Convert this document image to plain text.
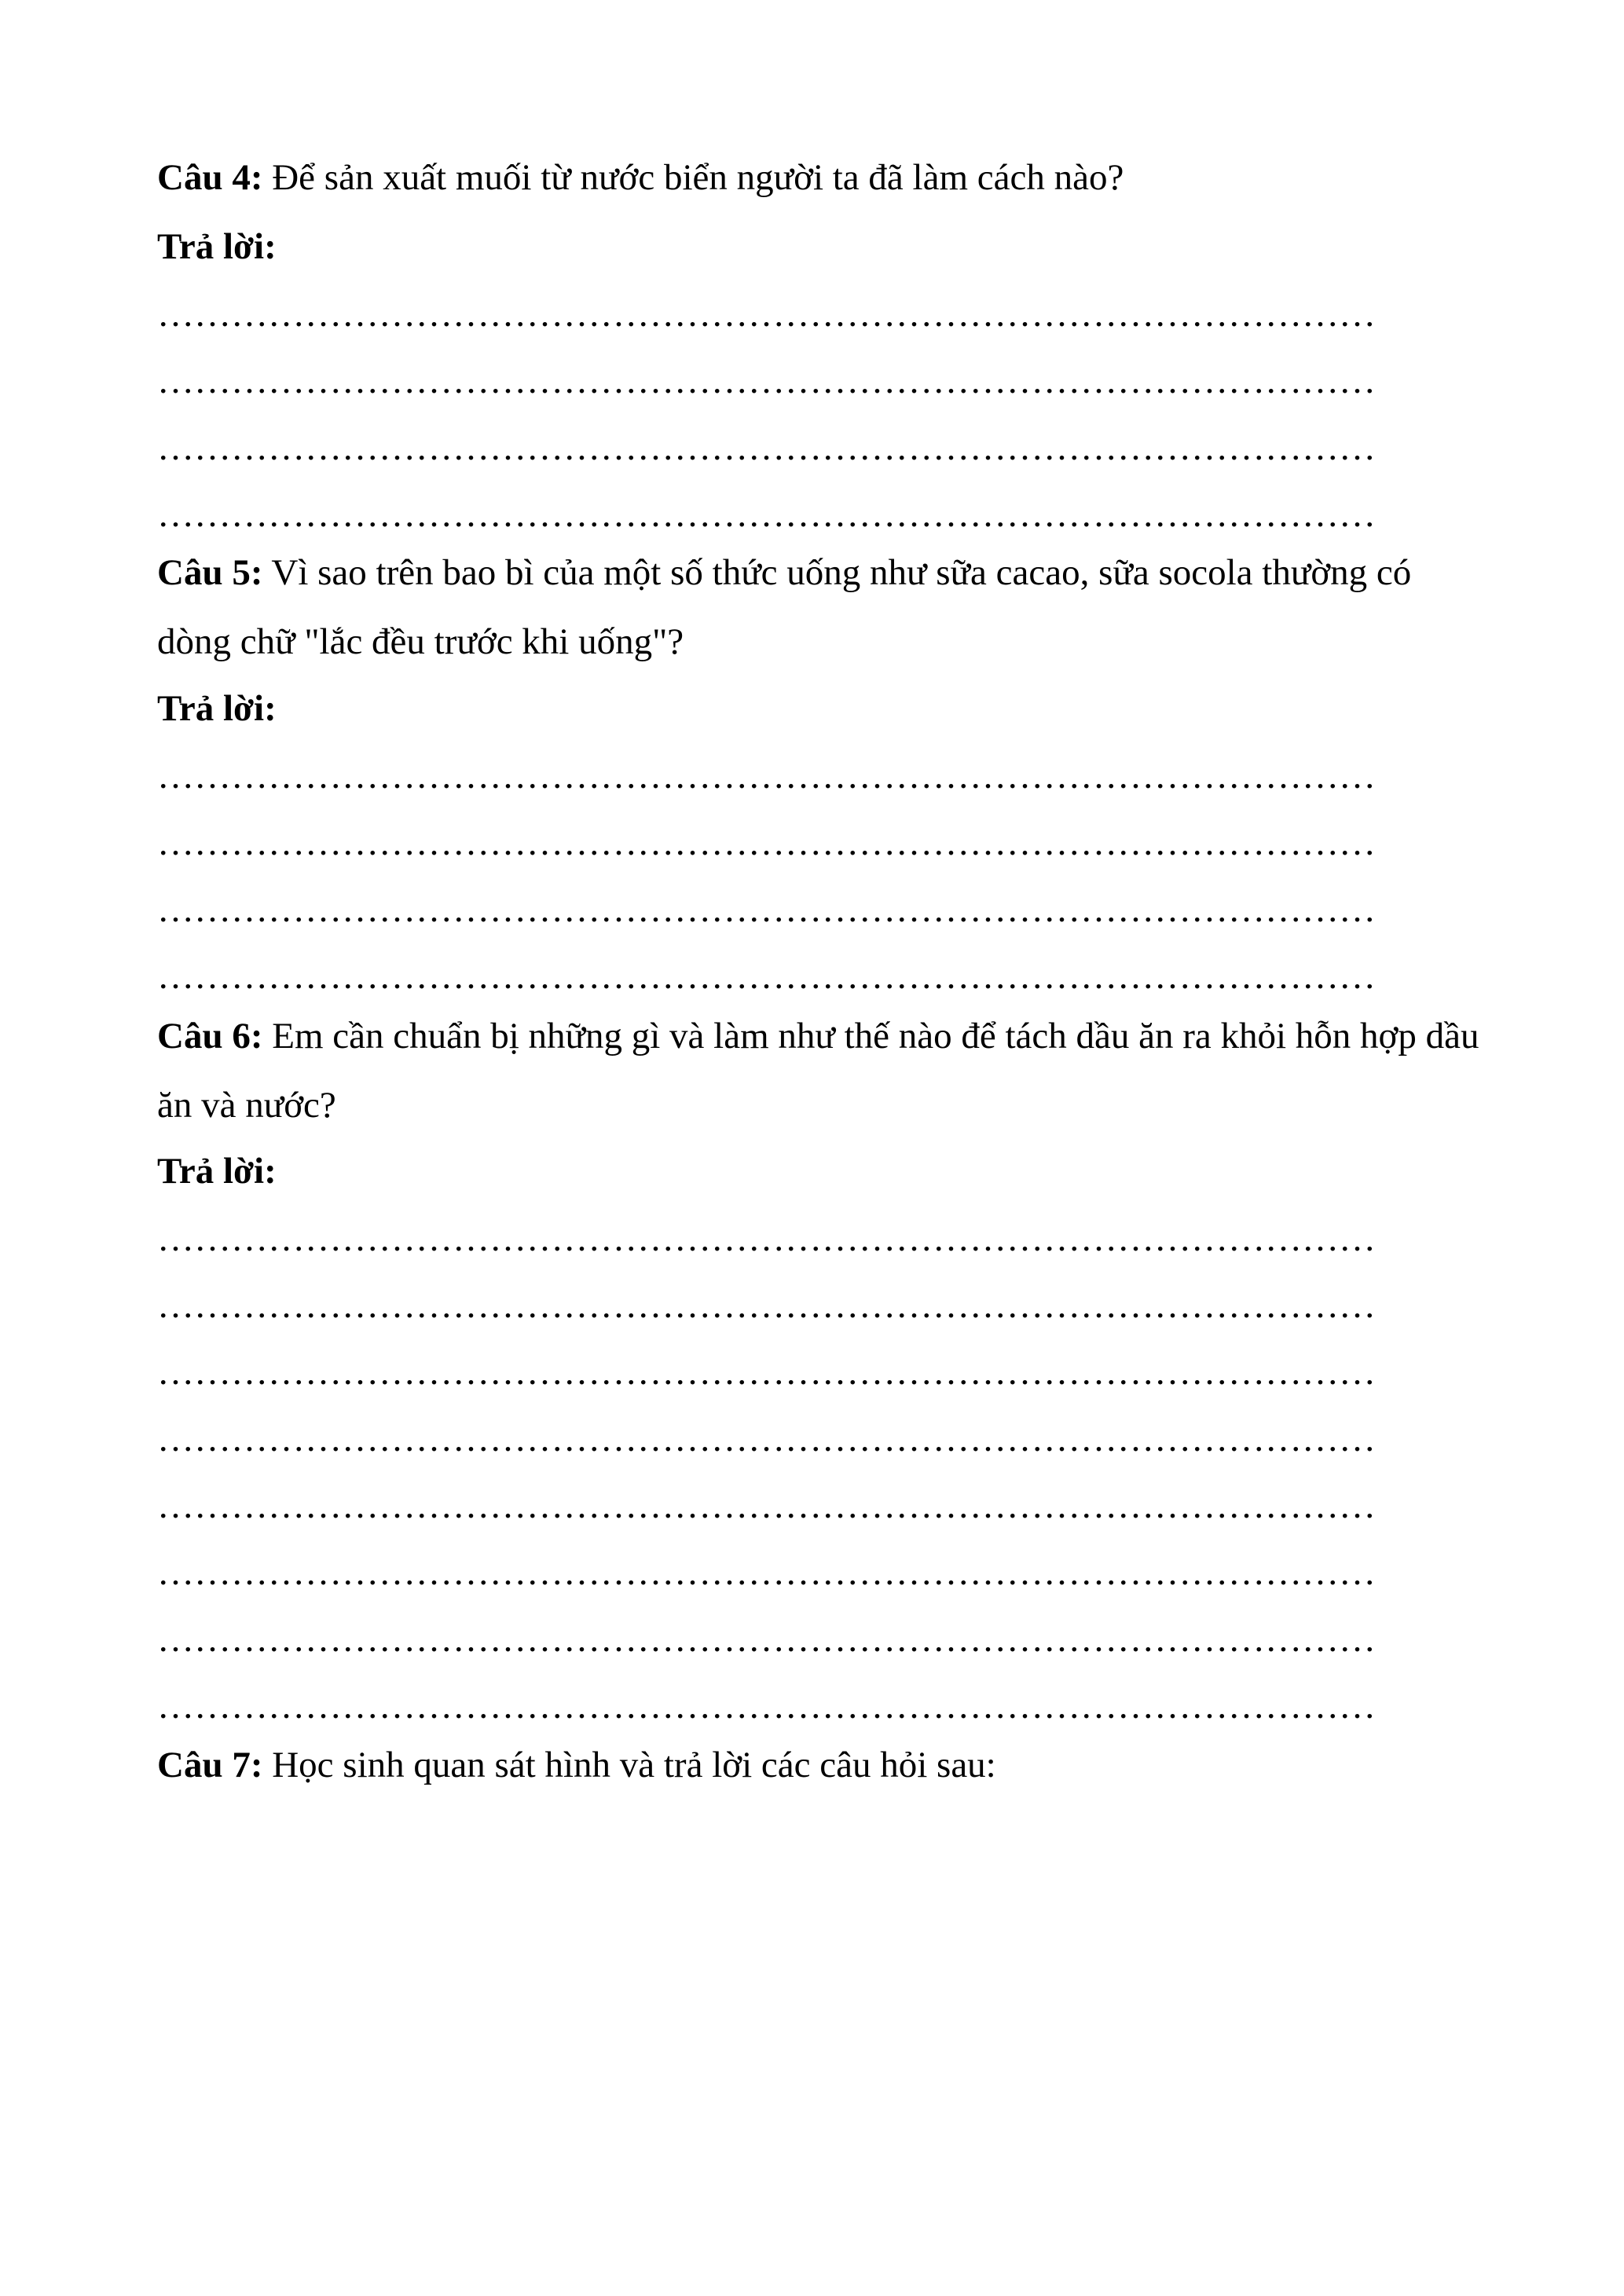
Câu 4: Để sản xuất muối từ nước biển người ta đã làm cách nào?
Trả lời:
………………………………………………………………………………………
………………………………………………………………………………………
………………………………………………………………………………………
………………………………………………………………………………………
Câu 5: Vì sao trên bao bì của một số thức uống như sữa cacao, sữa socola thường có dòng chữ "lắc đều trước khi uống"?
Trả lời:
………………………………………………………………………………………
………………………………………………………………………………………
………………………………………………………………………………………
………………………………………………………………………………………
Câu 6: Em cần chuẩn bị những gì và làm như thế nào để tách dầu ăn ra khỏi hỗn hợp dầu ăn và nước?
Trả lời:
………………………………………………………………………………………
………………………………………………………………………………………
………………………………………………………………………………………
………………………………………………………………………………………
………………………………………………………………………………………
………………………………………………………………………………………
………………………………………………………………………………………
………………………………………………………………………………………
Câu 7: Học sinh quan sát hình và trả lời các câu hỏi sau:
